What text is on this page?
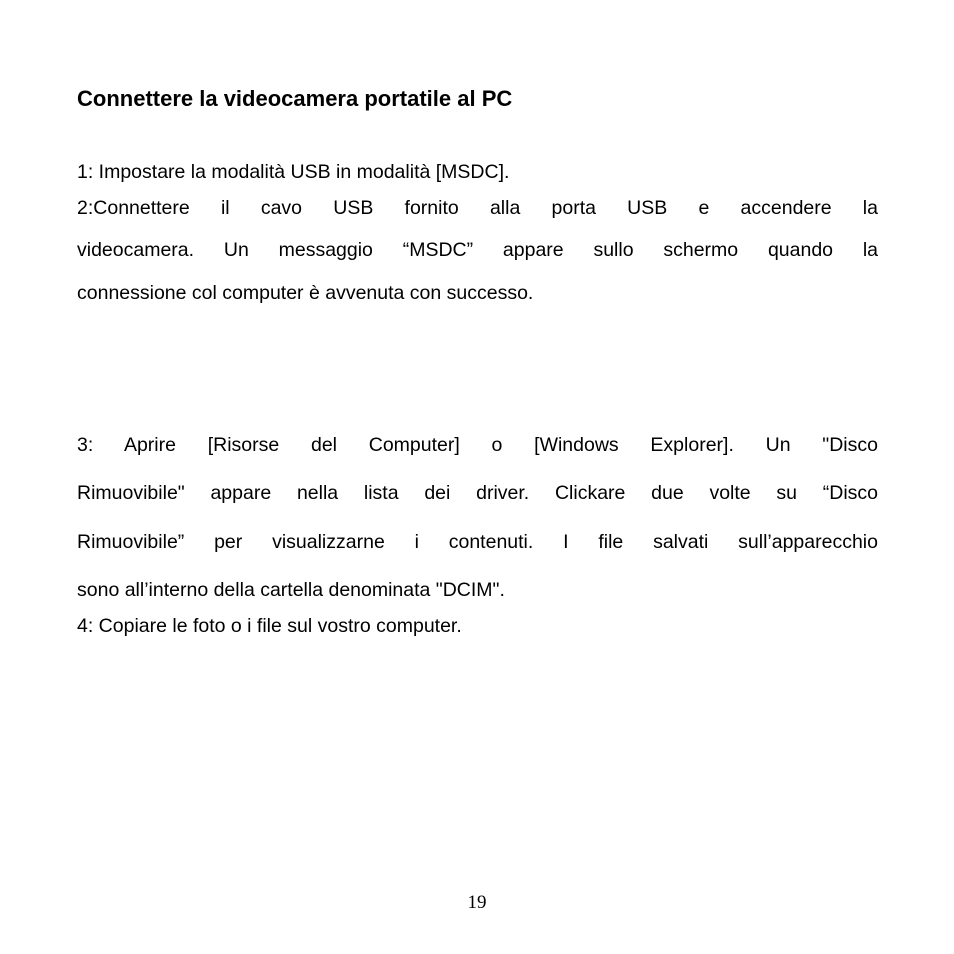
Connettere la videocamera portatile al PC
1: Impostare la modalità USB in modalità [MSDC].
2:Connettere il cavo USB fornito alla porta USB e accendere la
videocamera. Un messaggio “MSDC” appare sullo schermo quando la
connessione col computer è avvenuta con successo.
3: Aprire [Risorse del Computer] o [Windows Explorer]. Un "Disco
Rimuovibile" appare nella lista dei driver. Clickare due volte su “Disco
Rimuovibile” per visualizzarne i contenuti. I file salvati sull’apparecchio
sono all’interno della cartella denominata "DCIM".
4: Copiare le foto o i file sul vostro computer.
19
